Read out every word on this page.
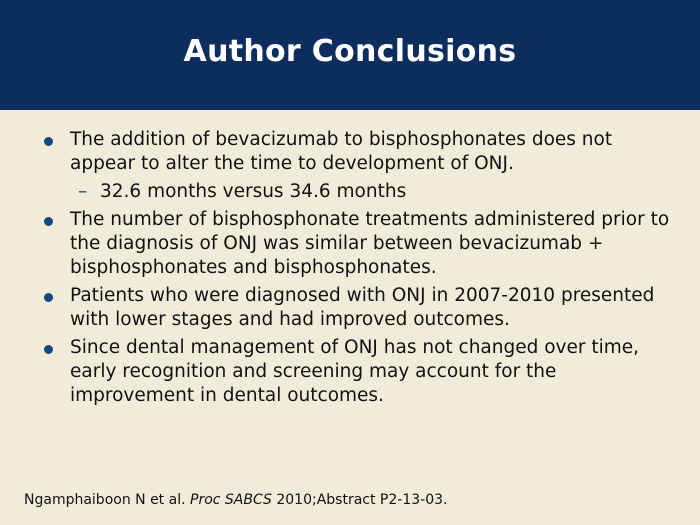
Author Conclusions
The addition of bevacizumab to bisphosphonates does not appear to alter the time to development of ONJ.
– 32.6 months versus 34.6 months
The number of bisphosphonate treatments administered prior to the diagnosis of ONJ was similar between bevacizumab + bisphosphonates and bisphosphonates.
Patients who were diagnosed with ONJ in 2007-2010 presented with lower stages and had improved outcomes.
Since dental management of ONJ has not changed over time, early recognition and screening may account for the improvement in dental outcomes.
Ngamphaiboon N et al. Proc SABCS 2010;Abstract P2-13-03.
